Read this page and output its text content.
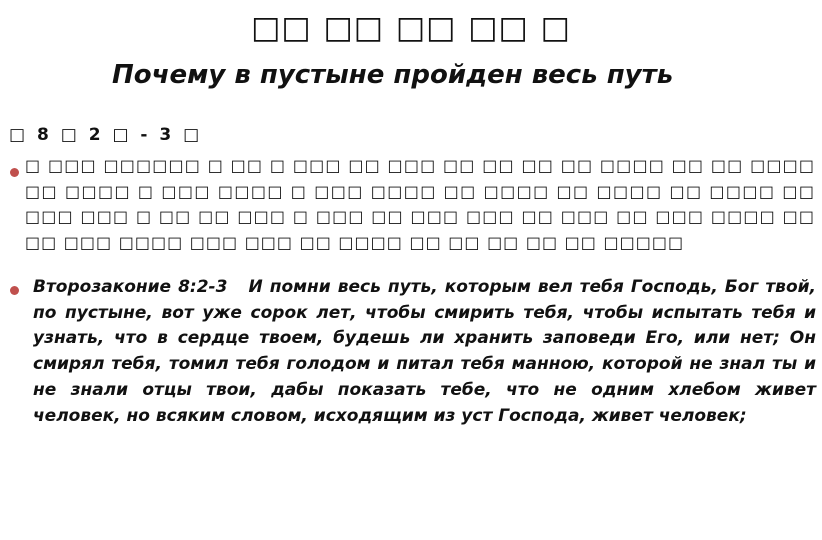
□□ □□ □□ □□ □
Почему в пустыне пройден весь путь
□ 8 □ 2 □ - 3 □
□ □□□ □□□□□□ □ □□ □ □□□ □□ □□□ □□ □□ □□ □□ □□□□ □□ □□ □□□□ □□ □□□□ □ □□□ □□□□ □ □□□ □□□□ □□ □□□□ □□ □□□□ □□ □□□□ □□ □□□ □□□ □ □□ □□ □□□ □ □□□ □□ □□□ □□□ □□ □□□ □□ □□□ □□□□ □□ □□ □□□ □□□□ □□□ □□□ □□ □□□□ □□ □□ □□ □□ □□ □□□□□
Второзаконие 8:2-3 И помни весь путь, которым вел тебя Господь, Бог твой, по пустыне, вот уже сорок лет, чтобы смирить тебя, чтобы испытать тебя и узнать, что в сердце твоем, будешь ли хранить заповеди Его, или нет; Он смирял тебя, томил тебя голодом и питал тебя манною, которой не знал ты и не знали отцы твои, дабы показать тебе, что не одним хлебом живет человек, но всяким словом, исходящим из уст Господа, живет человек;
